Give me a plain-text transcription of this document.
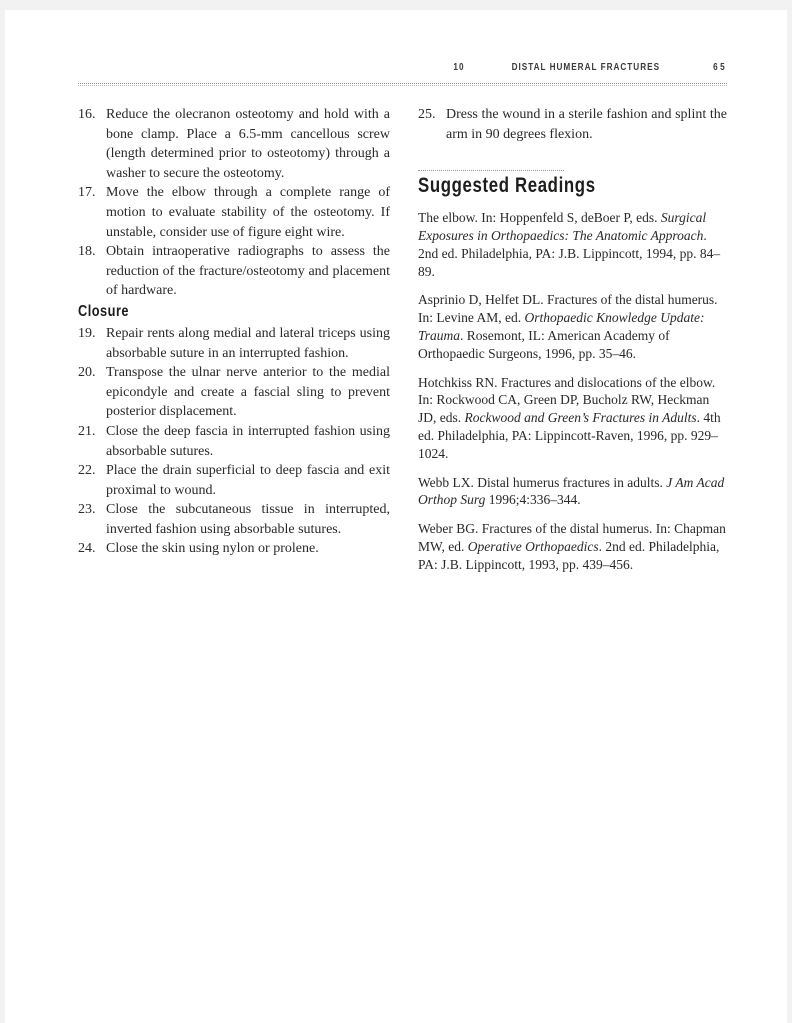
10	DISTAL HUMERAL FRACTURES	65
16. Reduce the olecranon osteotomy and hold with a bone clamp. Place a 6.5-mm cancellous screw (length determined prior to osteotomy) through a washer to secure the osteotomy.
17. Move the elbow through a complete range of motion to evaluate stability of the osteotomy. If unstable, consider use of figure eight wire.
18. Obtain intraoperative radiographs to assess the reduction of the fracture/osteotomy and placement of hardware.
Closure
19. Repair rents along medial and lateral triceps using absorbable suture in an interrupted fashion.
20. Transpose the ulnar nerve anterior to the medial epicondyle and create a fascial sling to prevent posterior displacement.
21. Close the deep fascia in interrupted fashion using absorbable sutures.
22. Place the drain superficial to deep fascia and exit proximal to wound.
23. Close the subcutaneous tissue in interrupted, inverted fashion using absorbable sutures.
24. Close the skin using nylon or prolene.
25. Dress the wound in a sterile fashion and splint the arm in 90 degrees flexion.
Suggested Readings

The elbow. In: Hoppenfeld S, deBoer P, eds. Surgical Exposures in Orthopaedics: The Anatomic Approach. 2nd ed. Philadelphia, PA: J.B. Lippincott, 1994, pp. 84–89.

Asprinio D, Helfet DL. Fractures of the distal humerus. In: Levine AM, ed. Orthopaedic Knowledge Update: Trauma. Rosemont, IL: American Academy of Orthopaedic Surgeons, 1996, pp. 35–46.

Hotchkiss RN. Fractures and dislocations of the elbow. In: Rockwood CA, Green DP, Bucholz RW, Heckman JD, eds. Rockwood and Green’s Fractures in Adults. 4th ed. Philadelphia, PA: Lippincott-Raven, 1996, pp. 929–1024.

Webb LX. Distal humerus fractures in adults. J Am Acad Orthop Surg 1996;4:336–344.

Weber BG. Fractures of the distal humerus. In: Chapman MW, ed. Operative Orthopaedics. 2nd ed. Philadelphia, PA: J.B. Lippincott, 1993, pp. 439–456.
